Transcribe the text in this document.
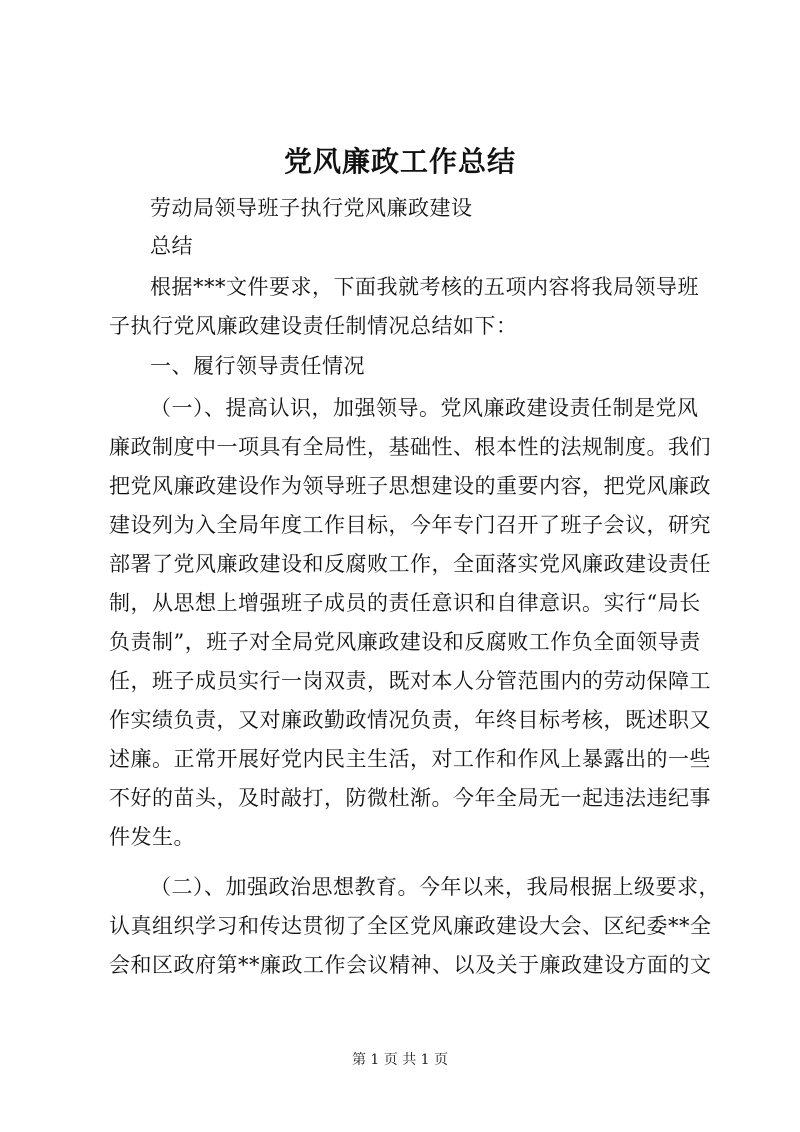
党风廉政工作总结
劳动局领导班子执行党风廉政建设
总结
根据***文件要求，下面我就考核的五项内容将我局领导班
子执行党风廉政建设责任制情况总结如下：
一、履行领导责任情况
（一）、提高认识，加强领导。党风廉政建设责任制是党风
廉政制度中一项具有全局性，基础性、根本性的法规制度。我们
把党风廉政建设作为领导班子思想建设的重要内容，把党风廉政
建设列为入全局年度工作目标，今年专门召开了班子会议，研究
部署了党风廉政建设和反腐败工作，全面落实党风廉政建设责任
制，从思想上增强班子成员的责任意识和自律意识。实行“局长
负责制”，班子对全局党风廉政建设和反腐败工作负全面领导责
任，班子成员实行一岗双责，既对本人分管范围内的劳动保障工
作实绩负责，又对廉政勤政情况负责，年终目标考核，既述职又
述廉。正常开展好党内民主生活，对工作和作风上暴露出的一些
不好的苗头，及时敲打，防微杜渐。今年全局无一起违法违纪事
件发生。
（二）、加强政治思想教育。今年以来，我局根据上级要求，
认真组织学习和传达贯彻了全区党风廉政建设大会、区纪委**全
会和区政府第**廉政工作会议精神、以及关于廉政建设方面的文
第 1 页 共 1 页
